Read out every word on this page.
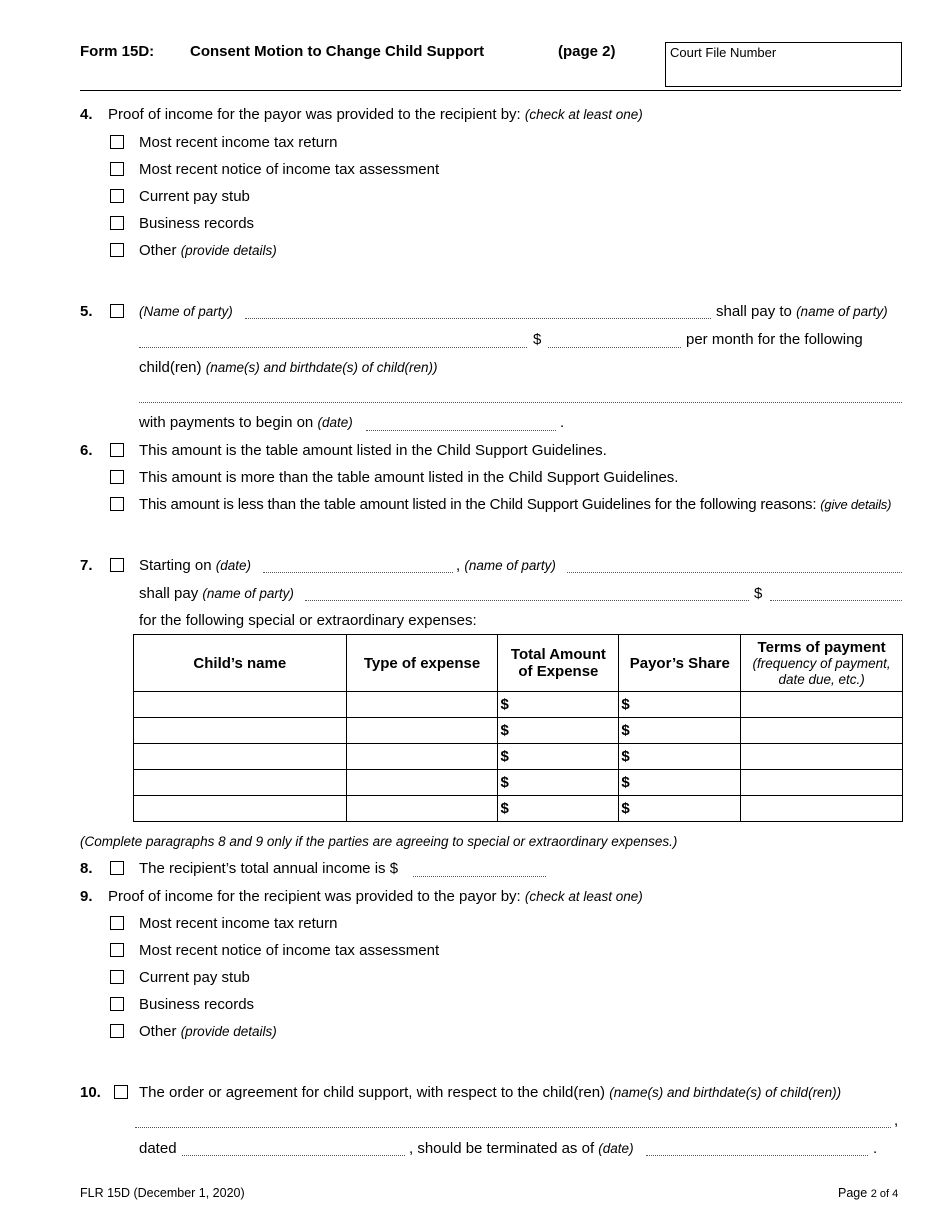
Form 15D: Consent Motion to Change Child Support	(page 2)	Court File Number
4. Proof of income for the payor was provided to the recipient by: (check at least one)
Most recent income tax return
Most recent notice of income tax assessment
Current pay stub
Business records
Other (provide details)
5.	(Name of party)	shall pay to (name of party)
$	per month for the following
child(ren) (name(s) and birthdate(s) of child(ren))
with payments to begin on (date)	.
6.	This amount is the table amount listed in the Child Support Guidelines.
This amount is more than the table amount listed in the Child Support Guidelines.
This amount is less than the table amount listed in the Child Support Guidelines for the following reasons: (give details)
7.	Starting on (date)	, (name of party)
shall pay (name of party)	$
for the following special or extraordinary expenses:
Child’s name	Type of expense	Total Amount of Expense	Payor’s Share	Terms of payment
(frequency of payment, date due, etc.)

		$	$	
		$	$	
		$	$	
		$	$	
		$	$	
(Complete paragraphs 8 and 9 only if the parties are agreeing to special or extraordinary expenses.)
8.	The recipient’s total annual income is $
9. Proof of income for the recipient was provided to the payor by: (check at least one)
Most recent income tax return
Most recent notice of income tax assessment
Current pay stub
Business records
Other (provide details)
10.	The order or agreement for child support, with respect to the child(ren) (name(s) and birthdate(s) of child(ren))
,
dated	, should be terminated as of (date)	.
FLR 15D (December 1, 2020)	Page 2 of 4
